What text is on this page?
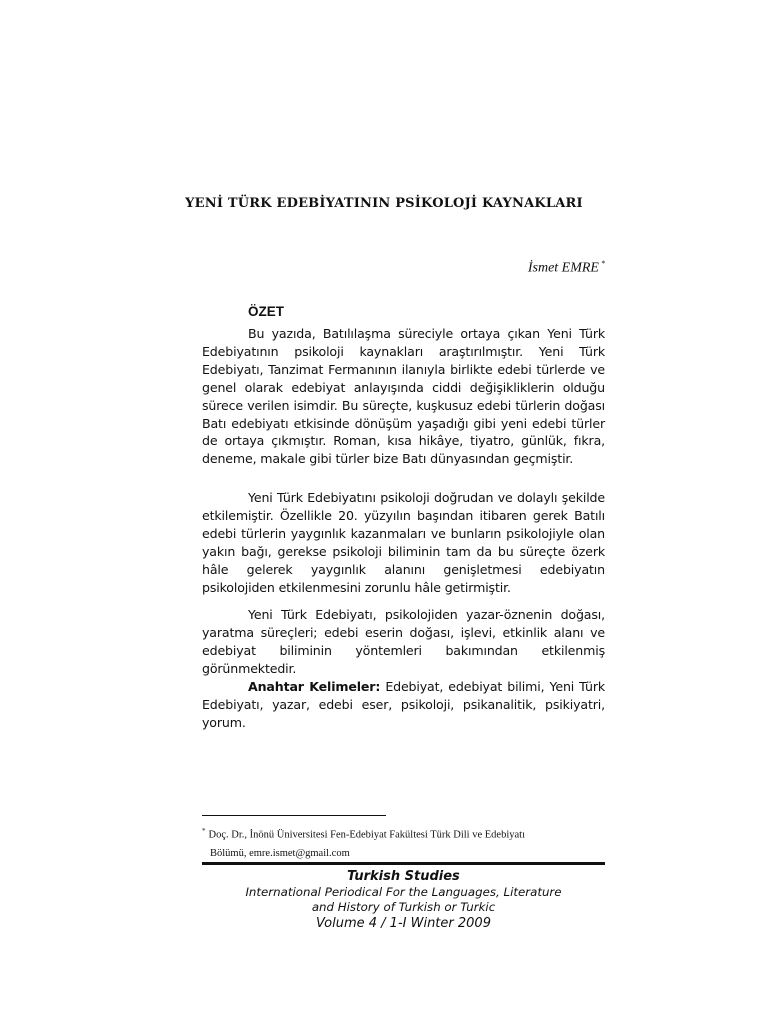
YENİ TÜRK EDEBİYATININ PSİKOLOJİ KAYNAKLARI
İsmet EMRE *
ÖZET

Bu yazıda, Batılılaşma süreciyle ortaya çıkan Yeni Türk Edebiyatının psikoloji kaynakları araştırılmıştır. Yeni Türk Edebiyatı, Tanzimat Fermanının ilanıyla birlikte edebi türlerde ve genel olarak edebiyat anlayışında ciddi değişikliklerin olduğu sürece verilen isimdir. Bu süreçte, kuşkusuz edebi türlerin doğası Batı edebiyatı etkisinde dönüşüm yaşadığı gibi yeni edebi türler de ortaya çıkmıştır. Roman, kısa hikâye, tiyatro, günlük, fıkra, deneme, makale gibi türler bize Batı dünyasından geçmiştir.

Yeni Türk Edebiyatını psikoloji doğrudan ve dolaylı şekilde etkilemiştir. Özellikle 20. yüzyılın başından itibaren gerek Batılı edebi türlerin yaygınlık kazanmaları ve bunların psikolojiyle olan yakın bağı, gerekse psikoloji biliminin tam da bu süreçte özerk hâle gelerek yaygınlık alanını genişletmesi edebiyatın psikolojiden etkilenmesini zorunlu hâle getirmiştir.

Yeni Türk Edebiyatı, psikolojiden yazar-öznenin doğası, yaratma süreçleri; edebi eserin doğası, işlevi, etkinlik alanı ve edebiyat biliminin yöntemleri bakımından etkilenmiş görünmektedir.

Anahtar Kelimeler: Edebiyat, edebiyat bilimi, Yeni Türk Edebiyatı, yazar, edebi eser, psikoloji, psikanalitik, psikiyatri, yorum.

* Doç. Dr., İnönü Üniversitesi Fen-Edebiyat Fakültesi Türk Dili ve Edebiyatı
Bölümü, emre.ismet@gmail.com
Turkish Studies
International Periodical For the Languages, Literature
and History of Turkish or Turkic
Volume 4 / 1-I Winter 2009
